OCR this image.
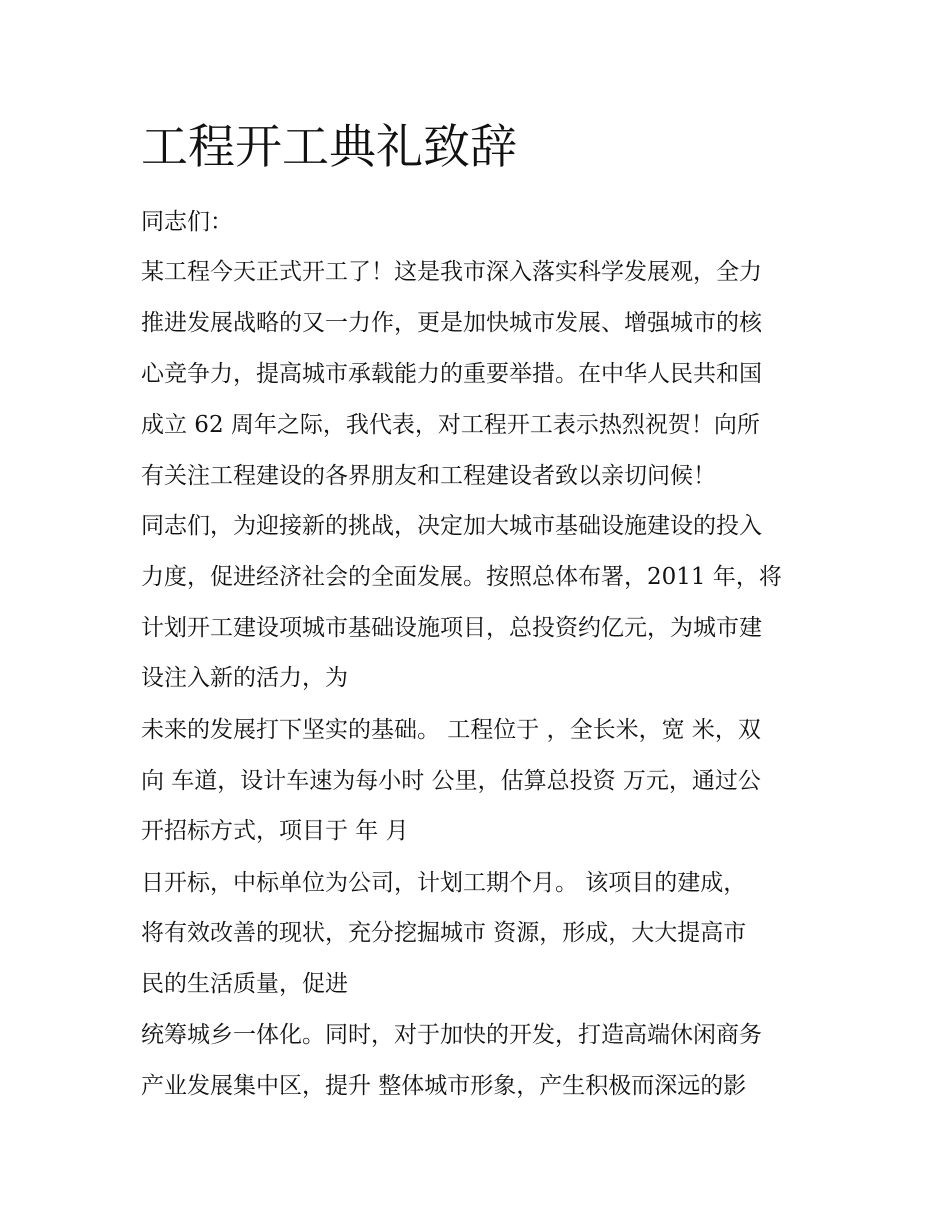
工程开工典礼致辞

同志们：

某工程今天正式开工了！这是我市深入落实科学发展观，全力

推进发展战略的又一力作，更是加快城市发展、增强城市的核

心竞争力，提高城市承载能力的重要举措。在中华人民共和国

成立 62 周年之际，我代表，对工程开工表示热烈祝贺！向所

有关注工程建设的各界朋友和工程建设者致以亲切问候！

同志们，为迎接新的挑战，决定加大城市基础设施建设的投入

力度，促进经济社会的全面发展。按照总体布署，2011 年，将

计划开工建设项城市基础设施项目，总投资约亿元，为城市建

设注入新的活力，为

未来的发展打下坚实的基础。 工程位于 ，全长米，宽 米，双

向 车道，设计车速为每小时 公里，估算总投资 万元，通过公

开招标方式，项目于 年 月

日开标，中标单位为公司，计划工期个月。 该项目的建成，

将有效改善的现状，充分挖掘城市 资源，形成，大大提高市

民的生活质量，促进

统筹城乡一体化。同时，对于加快的开发，打造高端休闲商务

产业发展集中区，提升 整体城市形象，产生积极而深远的影
